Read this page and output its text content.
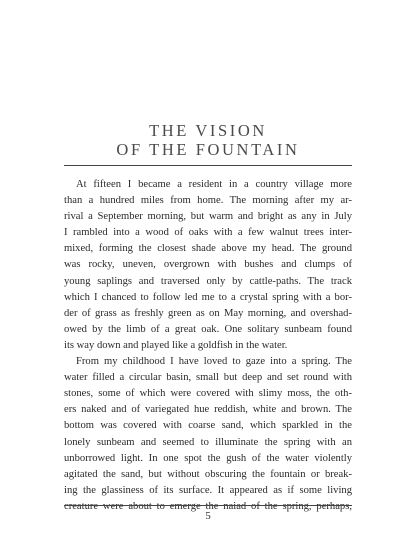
THE VISION
OF THE FOUNTAIN
At fifteen I became a resident in a country village more
than a hundred miles from home. The morning after my ar-
rival a September morning, but warm and bright as any in July
I rambled into a wood of oaks with a few walnut trees inter-
mixed, forming the closest shade above my head. The ground
was rocky, uneven, overgrown with bushes and clumps of
young saplings and traversed only by cattle-paths. The track
which I chanced to follow led me to a crystal spring with a bor-
der of grass as freshly green as on May morning, and overshad-
owed by the limb of a great oak. One solitary sunbeam found
its way down and played like a goldfish in the water.
From my childhood I have loved to gaze into a spring. The
water filled a circular basin, small but deep and set round with
stones, some of which were covered with slimy moss, the oth-
ers naked and of variegated hue reddish, white and brown. The
bottom was covered with coarse sand, which sparkled in the
lonely sunbeam and seemed to illuminate the spring with an
unborrowed light. In one spot the gush of the water violently
agitated the sand, but without obscuring the fountain or break-
ing the glassiness of its surface. It appeared as if some living
creature were about to emerge the naiad of the spring, perhaps,
5
